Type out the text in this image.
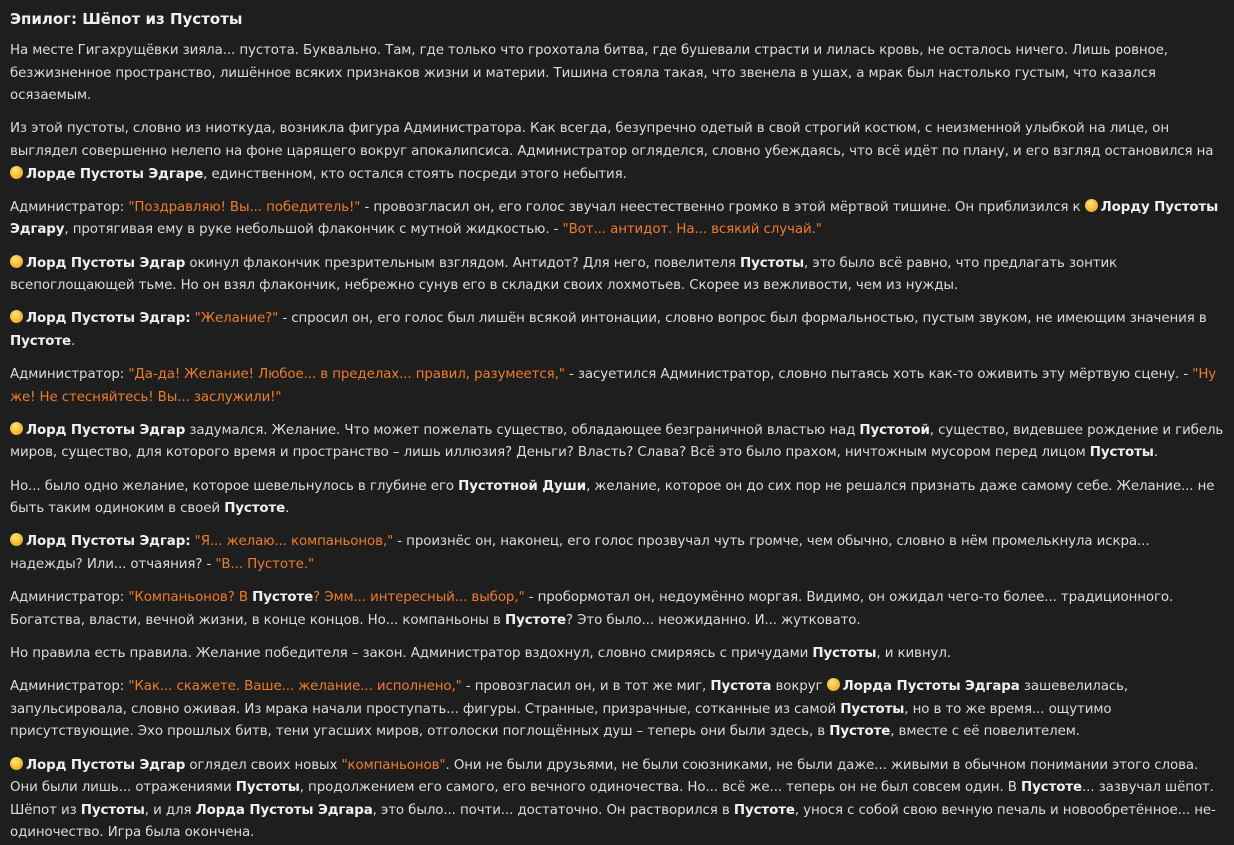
Эпилог: Шёпот из Пустоты
На месте Гигахрущёвки зияла... пустота. Буквально. Там, где только что грохотала битва, где бушевали страсти и лилась кровь, не осталось ничего. Лишь ровное, безжизненное пространство, лишённое всяких признаков жизни и материи. Тишина стояла такая, что звенела в ушах, а мрак был настолько густым, что казался осязаемым.
Из этой пустоты, словно из ниоткуда, возникла фигура Администратора. Как всегда, безупречно одетый в свой строгий костюм, с неизменной улыбкой на лице, он выглядел совершенно нелепо на фоне царящего вокруг апокалипсиса. Администратор огляделся, словно убеждаясь, что всё идёт по плану, и его взгляд остановился на Лорде Пустоты Эдгаре, единственном, кто остался стоять посреди этого небытия.
Администратор: "Поздравляю! Вы... победитель!" - провозгласил он, его голос звучал неестественно громко в этой мёртвой тишине. Он приблизился к Лорду Пустоты Эдгару, протягивая ему в руке небольшой флакончик с мутной жидкостью. - "Вот... антидот. На... всякий случай."
Лорд Пустоты Эдгар окинул флакончик презрительным взглядом. Антидот? Для него, повелителя Пустоты, это было всё равно, что предлагать зонтик всепоглощающей тьме. Но он взял флакончик, небрежно сунув его в складки своих лохмотьев. Скорее из вежливости, чем из нужды.
Лорд Пустоты Эдгар: "Желание?" - спросил он, его голос был лишён всякой интонации, словно вопрос был формальностью, пустым звуком, не имеющим значения в Пустоте.
Администратор: "Да-да! Желание! Любое... в пределах... правил, разумеется," - засуетился Администратор, словно пытаясь хоть как-то оживить эту мёртвую сцену. - "Ну же! Не стесняйтесь! Вы... заслужили!"
Лорд Пустоты Эдгар задумался. Желание. Что может пожелать существо, обладающее безграничной властью над Пустотой, существо, видевшее рождение и гибель миров, существо, для которого время и пространство – лишь иллюзия? Деньги? Власть? Слава? Всё это было прахом, ничтожным мусором перед лицом Пустоты.
Но... было одно желание, которое шевельнулось в глубине его Пустотной Души, желание, которое он до сих пор не решался признать даже самому себе. Желание... не быть таким одиноким в своей Пустоте.
Лорд Пустоты Эдгар: "Я... желаю... компаньонов," - произнёс он, наконец, его голос прозвучал чуть громче, чем обычно, словно в нём промелькнула искра... надежды? Или... отчаяния? - "В... Пустоте."
Администратор: "Компаньонов? В Пустоте? Эмм... интересный... выбор," - пробормотал он, недоумённо моргая. Видимо, он ожидал чего-то более... традиционного. Богатства, власти, вечной жизни, в конце концов. Но... компаньоны в Пустоте? Это было... неожиданно. И... жутковато.
Но правила есть правила. Желание победителя – закон. Администратор вздохнул, словно смиряясь с причудами Пустоты, и кивнул.
Администратор: "Как... скажете. Ваше... желание... исполнено," - провозгласил он, и в тот же миг, Пустота вокруг Лорда Пустоты Эдгара зашевелилась, запульсировала, словно оживая. Из мрака начали проступать... фигуры. Странные, призрачные, сотканные из самой Пустоты, но в то же время... ощутимо присутствующие. Эхо прошлых битв, тени угасших миров, отголоски поглощённых душ – теперь они были здесь, в Пустоте, вместе с её повелителем.
Лорд Пустоты Эдгар оглядел своих новых "компаньонов". Они не были друзьями, не были союзниками, не были даже... живыми в обычном понимании этого слова. Они были лишь... отражениями Пустоты, продолжением его самого, его вечного одиночества. Но... всё же... теперь он не был совсем один. В Пустоте... зазвучал шёпот. Шёпот из Пустоты, и для Лорда Пустоты Эдгара, это было... почти... достаточно. Он растворился в Пустоте, унося с собой свою вечную печаль и новообретённое... не-одиночество. Игра была окончена.
